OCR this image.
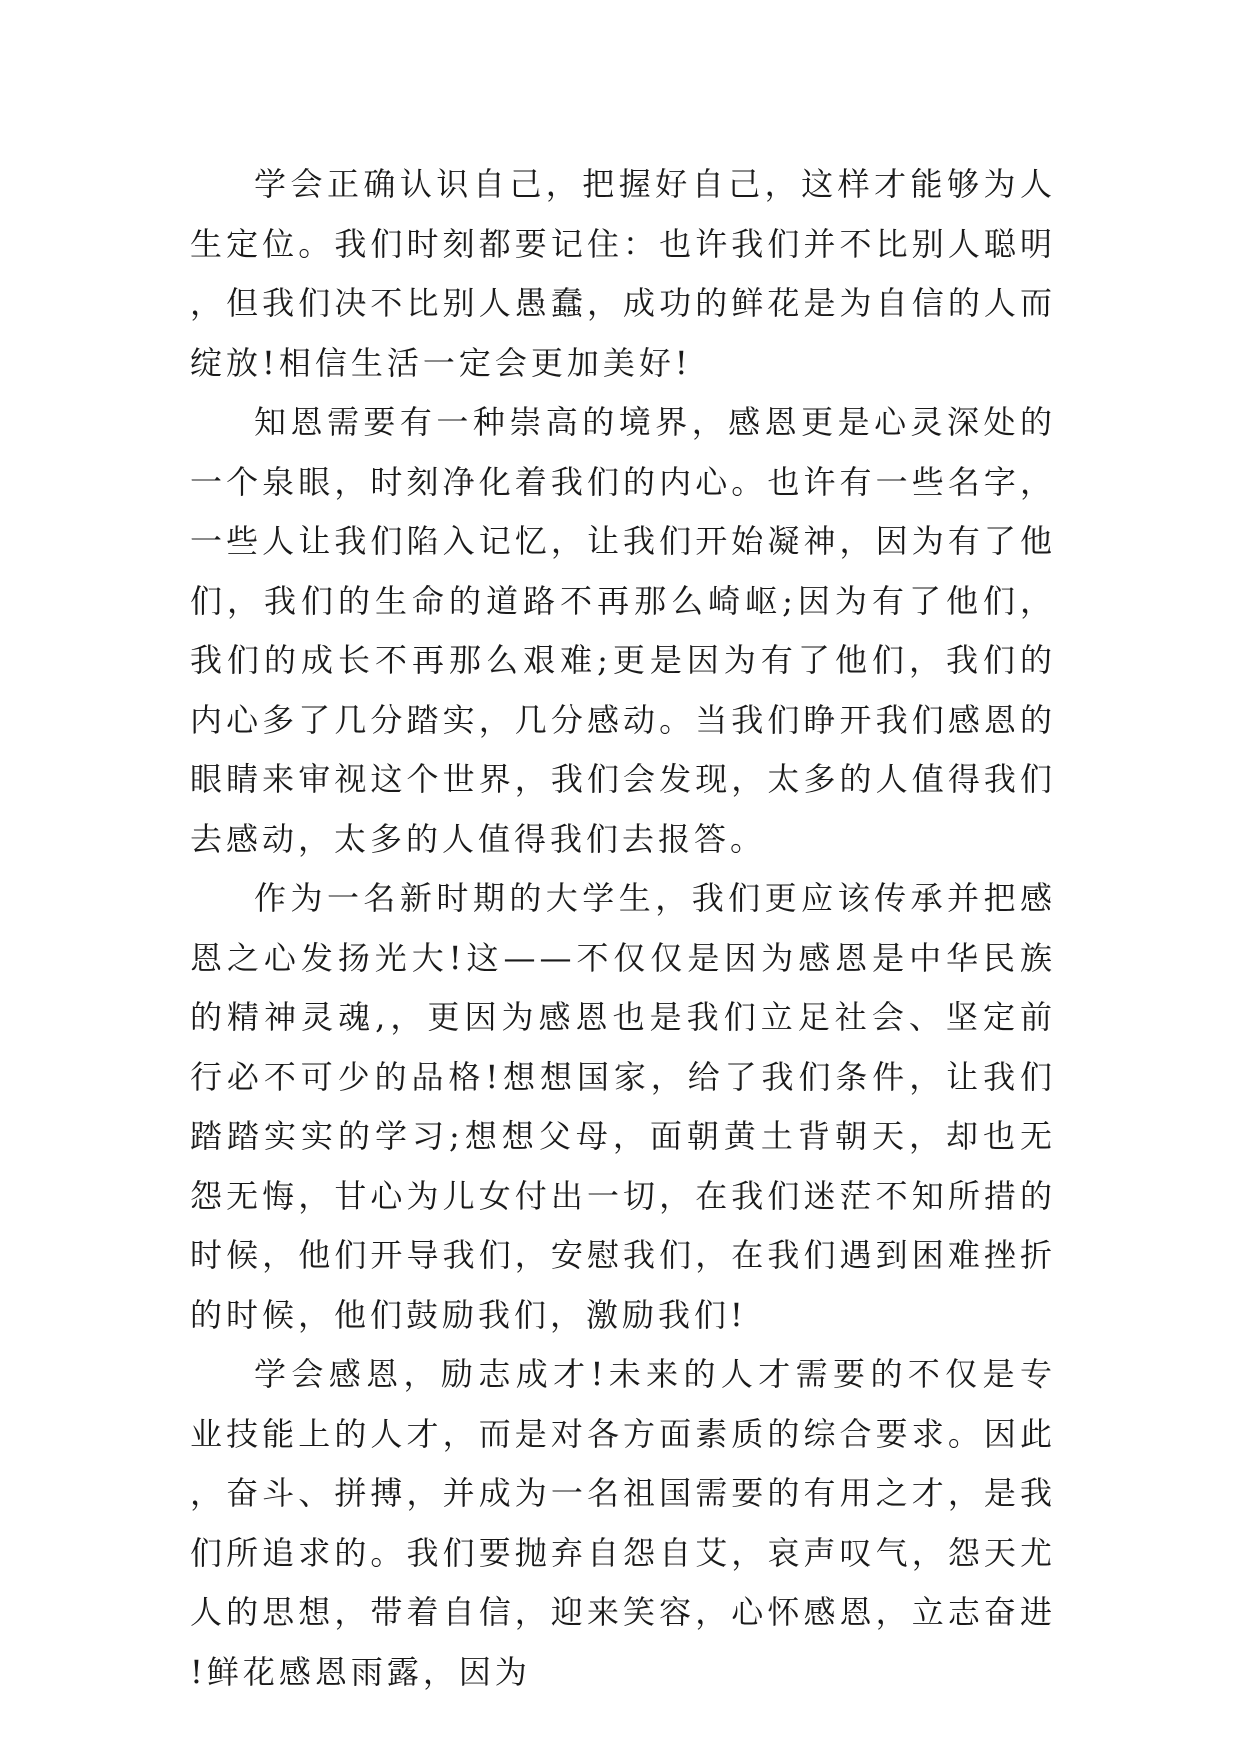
学会正确认识自己，把握好自己，这样才能够为人生定位。我们时刻都要记住：也许我们并不比别人聪明，但我们决不比别人愚蠢，成功的鲜花是为自信的人而绽放!相信生活一定会更加美好!

知恩需要有一种崇高的境界，感恩更是心灵深处的一个泉眼，时刻净化着我们的内心。也许有一些名字，一些人让我们陷入记忆，让我们开始凝神，因为有了他们，我们的生命的道路不再那么崎岖;因为有了他们，我们的成长不再那么艰难;更是因为有了他们，我们的内心多了几分踏实，几分感动。当我们睁开我们感恩的眼睛来审视这个世界，我们会发现，太多的人值得我们去感动，太多的人值得我们去报答。

作为一名新时期的大学生，我们更应该传承并把感恩之心发扬光大!这——不仅仅是因为感恩是中华民族的精神灵魂,，更因为感恩也是我们立足社会、坚定前行必不可少的品格!想想国家，给了我们条件，让我们踏踏实实的学习;想想父母，面朝黄土背朝天，却也无怨无悔，甘心为儿女付出一切，在我们迷茫不知所措的时候，他们开导我们，安慰我们，在我们遇到困难挫折的时候，他们鼓励我们，激励我们!

学会感恩，励志成才!未来的人才需要的不仅是专业技能上的人才，而是对各方面素质的综合要求。因此，奋斗、拼搏，并成为一名祖国需要的有用之才，是我们所追求的。我们要抛弃自怨自艾，哀声叹气，怨天尤人的思想，带着自信，迎来笑容，心怀感恩，立志奋进!鲜花感恩雨露，因为
